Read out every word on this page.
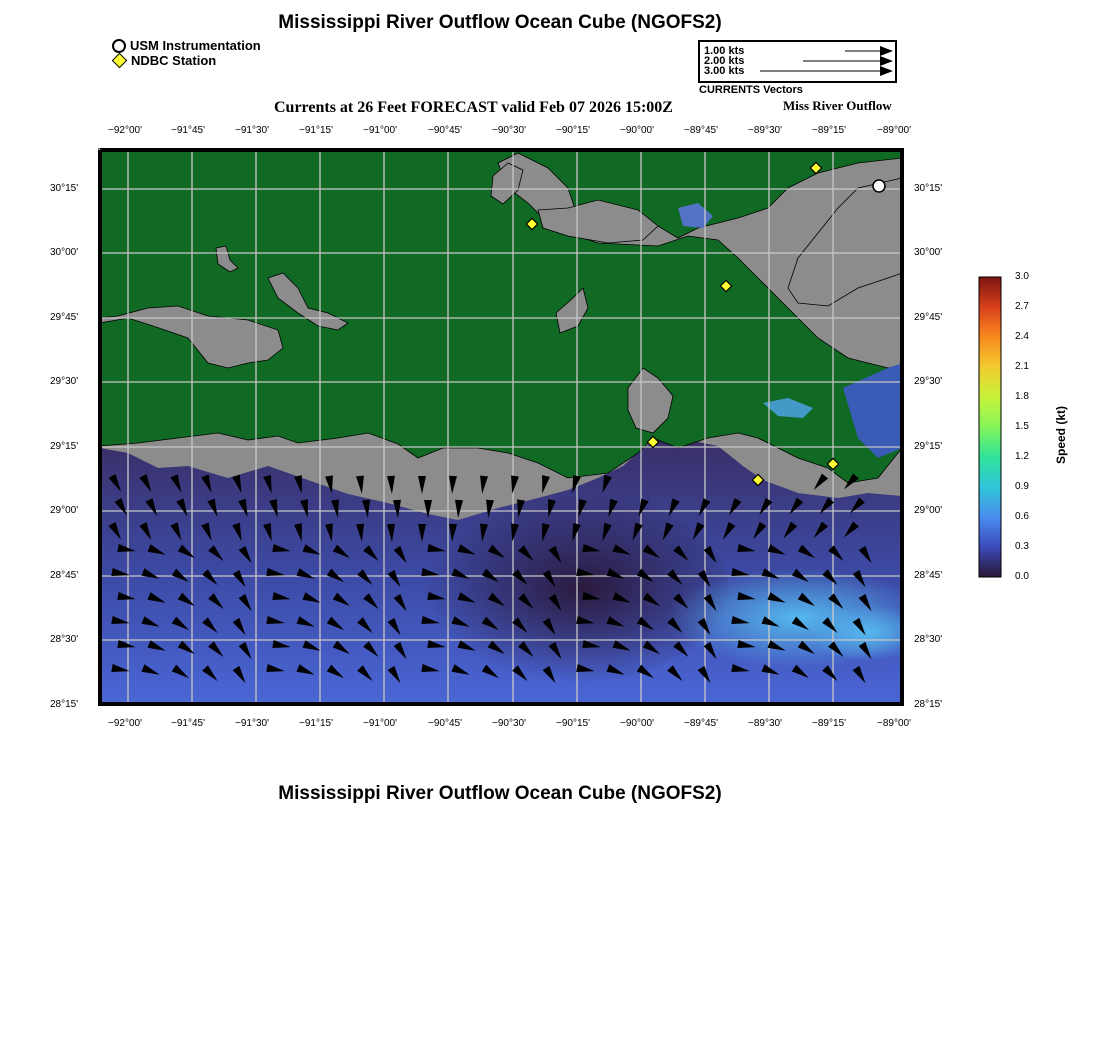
Mississippi River Outflow Ocean Cube (NGOFS2)
USM Instrumentation
NDBC Station
1.00 kts
2.00 kts
3.00 kts
CURRENTS Vectors
Currents at 26 Feet FORECAST valid Feb 07 2026 15:00Z	Miss River Outflow
Speed (kt)
Mississippi River Outflow Ocean Cube (NGOFS2)
−92°00'
−92°00'
−91°45'
−91°45'
−91°30'
−91°30'
−91°15'
−91°15'
−91°00'
−91°00'
−90°45'
−90°45'
−90°30'
−90°30'
−90°15'
−90°15'
−90°00'
−90°00'
−89°45'
−89°45'
−89°30'
−89°30'
−89°15'
−89°15'
−89°00'
−89°00'
30°15'	30°15'
30°00'	30°00'
29°45'	29°45'
29°30'	29°30'
29°15'	29°15'
29°00'	29°00'
28°45'	28°45'
28°30'	28°30'
28°15'	28°15'
3.0
2.7
2.4
2.1
1.8
1.5
1.2
0.9
0.6
0.3
0.0
